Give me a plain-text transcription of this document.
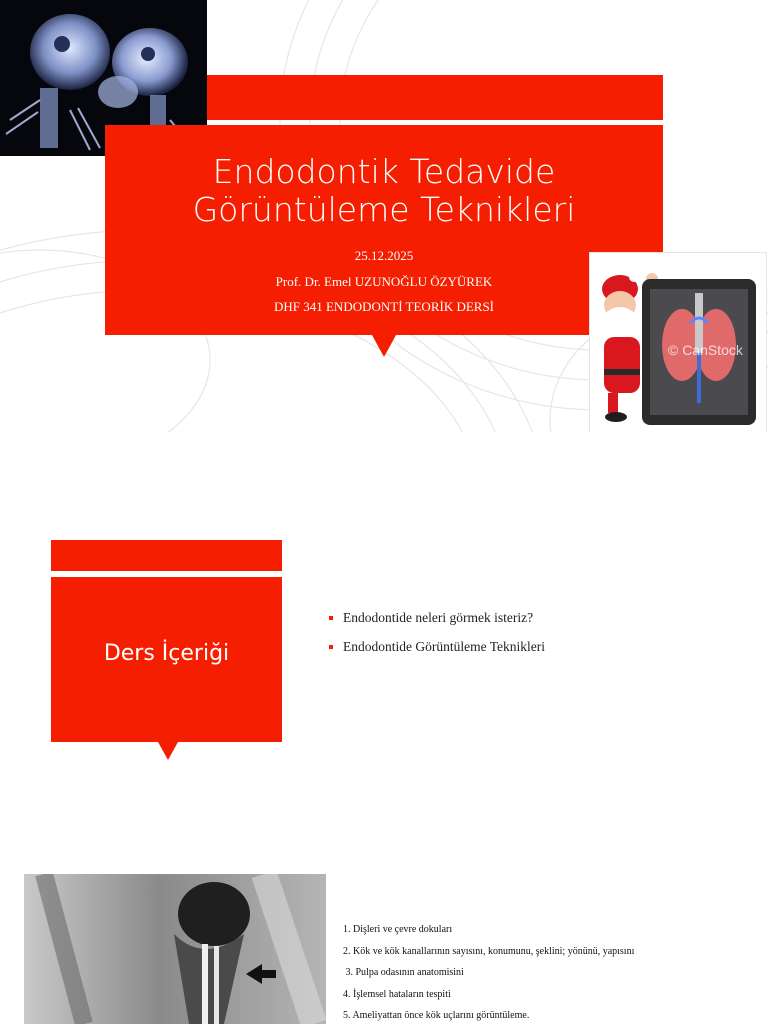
Endodontik Tedavide
Görüntüleme Teknikleri
25.12.2025
Prof. Dr. Emel UZUNOĞLU ÖZYÜREK
DHF 341 ENDODONTİ TEORİK DERSİ
© CanStock
Ders İçeriği
Endodontide neleri görmek isteriz?
Endodontide Görüntüleme Teknikleri
1. Dişleri ve çevre dokuları
2. Kök ve kök kanallarının sayısını, konumunu, şeklini; yönünü, yapısını
3. Pulpa odasının anatomisini
4. İşlemsel hataların tespiti
5. Ameliyattan önce kök uçlarını görüntüleme.
